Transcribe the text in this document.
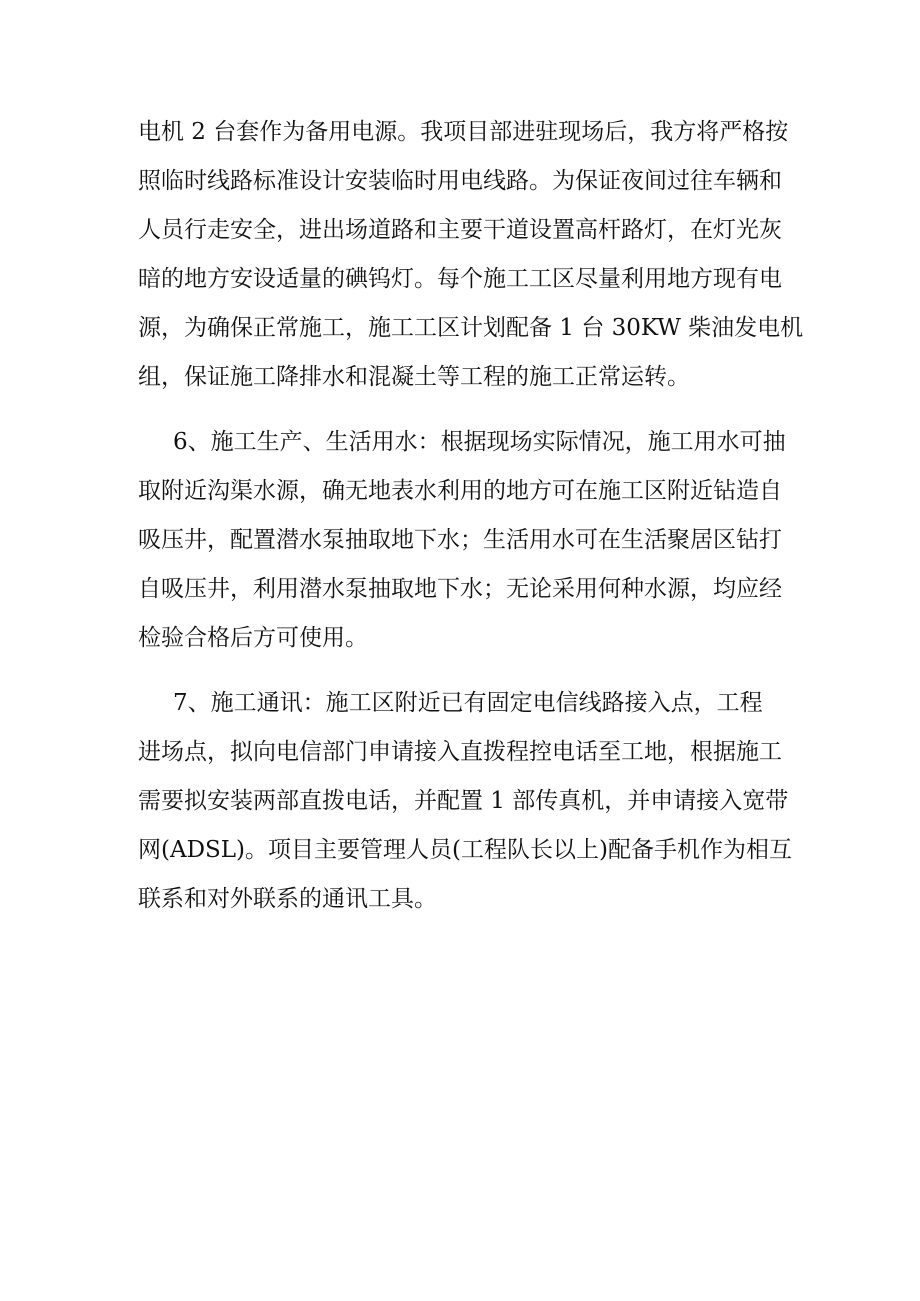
电机 2 台套作为备用电源。我项目部进驻现场后，我方将严格按
照临时线路标准设计安装临时用电线路。为保证夜间过往车辆和
人员行走安全，进出场道路和主要干道设置高杆路灯，在灯光灰
暗的地方安设适量的碘钨灯。每个施工工区尽量利用地方现有电
源，为确保正常施工，施工工区计划配备 1 台 30KW 柴油发电机
组，保证施工降排水和混凝土等工程的施工正常运转。
6、施工生产、生活用水：根据现场实际情况，施工用水可抽
取附近沟渠水源，确无地表水利用的地方可在施工区附近钻造自
吸压井，配置潜水泵抽取地下水；生活用水可在生活聚居区钻打
自吸压井，利用潜水泵抽取地下水；无论采用何种水源，均应经
检验合格后方可使用。
7、施工通讯：施工区附近已有固定电信线路接入点，工程
进场点，拟向电信部门申请接入直拨程控电话至工地，根据施工
需要拟安装两部直拨电话，并配置 1 部传真机，并申请接入宽带
网(ADSL)。项目主要管理人员(工程队长以上)配备手机作为相互
联系和对外联系的通讯工具。
